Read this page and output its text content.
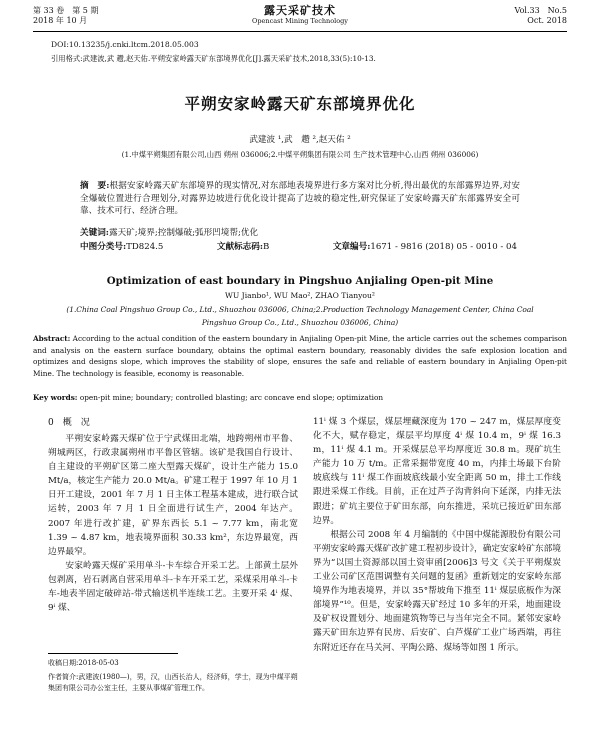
第 33 卷　第 5 期
2018 年 10 月
露天采矿技术
Opencast Mining Technology
Vol.33　No.5
Oct. 2018
DOI:10.13235/j.cnki.ltcm.2018.05.003
引用格式:武建波,武 趱,赵天佑.平朔安家岭露天矿东部境界优化[J].露天采矿技术,2018,33(5):10-13.
平朔安家岭露天矿东部境界优化
武建波 ¹,武　趱 ²,赵天佑 ²
(1.中煤平朔集团有限公司,山西 朔州 036006;2.中煤平朔集团有限公司 生产技术管理中心,山西 朔州 036006)
摘　要:根据安家岭露天矿东部境界的现实情况,对东部地表境界进行多方案对比分析,得出最优的东部露界边界,对安全爆破位置进行合理划分,对露界边坡进行优化设计提高了边坡的稳定性,研究保证了安家岭露天矿东部露界安全可靠、技术可行、经济合理。
关键词:露天矿;境界;控制爆破;弧形凹境帮;优化
中图分类号:TD824.5	文献标志码:B	文章编号:1671 - 9816 (2018) 05 - 0010 - 04
Optimization of east boundary in Pingshuo Anjialing Open-pit Mine
WU Jianbo¹, WU Mao², ZHAO Tianyou²
(1.China Coal Pingshuo Group Co., Ltd., Shuozhou 036006, China;2.Production Technology Management Center, China Coal
Pingshuo Group Co., Ltd., Shuozhou 036006, China)
Abstract: According to the actual condition of the eastern boundary in Anjialing Open-pit Mine, the article carries out the schemes comparison and analysis on the eastern surface boundary, obtains the optimal eastern boundary, reasonably divides the safe explosion location and optimizes and designs slope, which improves the stability of slope, ensures the safe and reliable of eastern boundary in Anjialing Open-pit Mine. The technology is feasible, economy is reasonable.
Key words: open-pit mine; boundary; controlled blasting; arc concave end slope; optimization
0　概　况

平朔安家岭露天煤矿位于宁武煤田北端，地跨朔州市平鲁、朔城两区，行政隶属朔州市平鲁区管辖。该矿是我国自行设计、自主建设的平朔矿区第二座大型露天煤矿，设计生产能力 15.0 Mt/a，核定生产能力 20.0 Mt/a。矿建工程于 1997 年 10 月 1 日开工建设，2001 年 7 月 1 日主体工程基本建成，进行联合试运转，2003 年 7 月 1 日全面进行试生产，2004 年达产。2007 年进行改扩建，矿界东西长 5.1 ~ 7.77 km，南北宽 1.39 ~ 4.87 km，地表境界面积 30.33 km²，东边界最宽，西边界最窄。

安家岭露天煤矿采用单斗-卡车综合开采工艺。上部黄土层外包剥离，岩石剥离自营采用单斗-卡车开采工艺，采煤采用单斗-卡车-地表半固定破碎站-带式输送机半连续工艺。主要开采 4ⁱ 煤、9ⁱ 煤、

11ⁱ 煤 3 个煤层，煤层埋藏深度为 170 ~ 247 m，煤层厚度变化不大，赋存稳定，煤层平均厚度 4ⁱ 煤 10.4 m，9ⁱ 煤 16.3 m，11ⁱ 煤 4.1 m。开采煤层总平均厚度近 30.8 m。现矿坑生产能力 10 万 t/m。正常采掘带宽度 40 m，内排土场最下台阶坡底线与 11ⁱ 煤工作面坡底线最小安全距离 50 m，排土工作线跟进采煤工作线。目前，正在过芦子沟背斜向下延深，内排无法跟进；矿坑主要位于矿田东部，向东推进，采坑已接近矿田东部边界。

根据公司 2008 年 4 月编制的《中国中煤能源股份有限公司平朔安家岭露天煤矿改扩建工程初步设计》，确定安家岭矿东部境界为“以国土资源部以国土资审函[2006]3 号文《关于平朔煤炭工业公司矿区范围调整有关问题的复函》重新划定的安家岭东部境界作为地表境界，并以 35°帮坡角下推至 11ⁱ 煤层底板作为深部境界”¹⁰。但是，安家岭露天矿经过 10 多年的开采，地面建设及矿权设置划分、地面建筑物等已与当年完全不同。紧邻安家岭露天矿田东边界有民房、后安矿、白芦煤矿工业广场西端，再往东附近还存在马关河、平陶公路、煤场等如图 1 所示。

收稿日期:2018-05-03
作者简介:武建波(1980—)，男，汉，山西长治人，经济师，学士，现为中煤平朔集团有限公司办公室主任，主要从事煤矿管理工作。
